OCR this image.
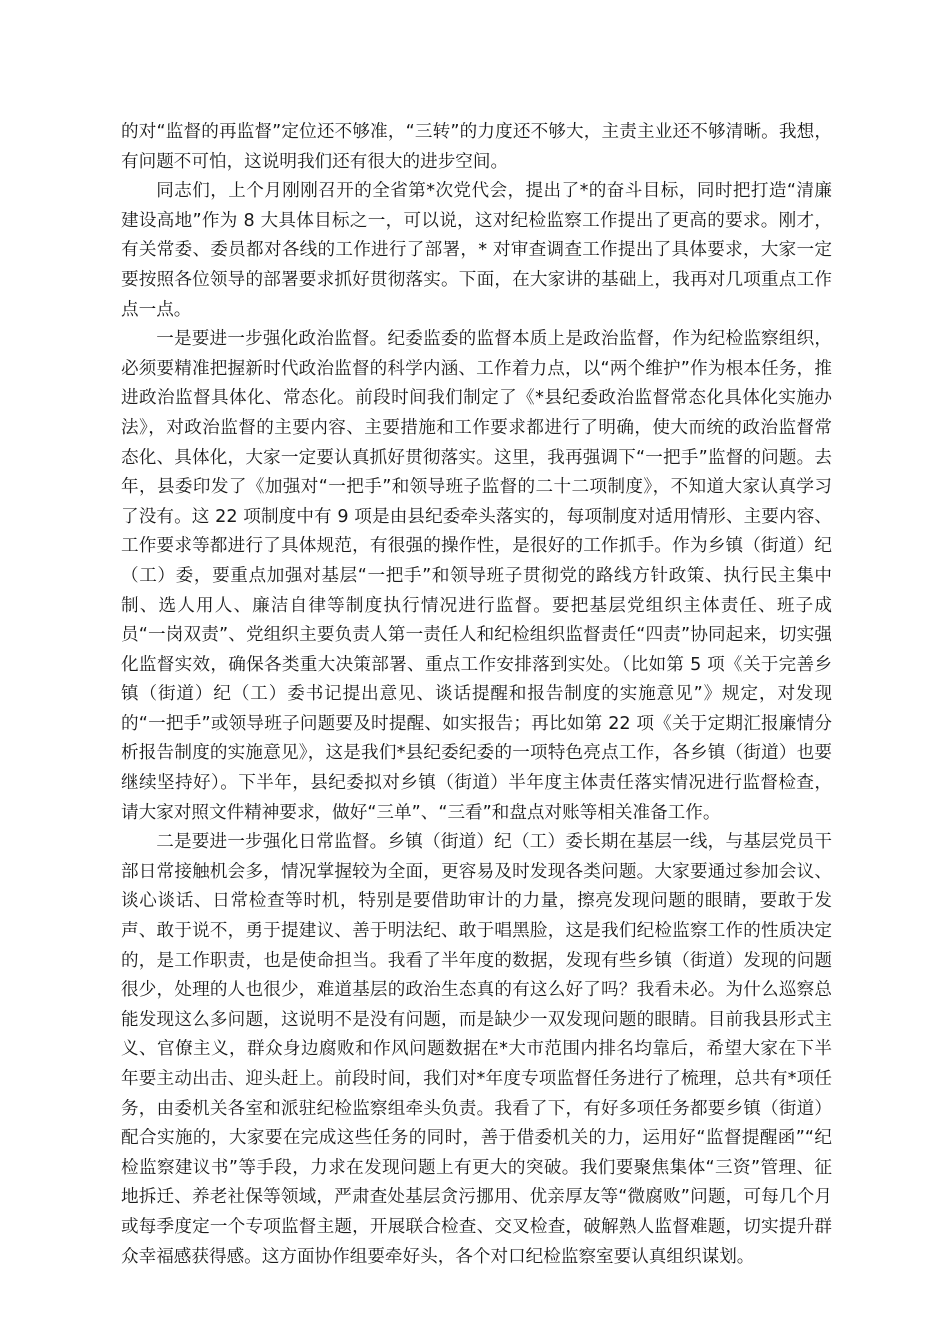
的对“监督的再监督”定位还不够准，“三转”的力度还不够大，主责主业还不够清晰。我想，有问题不可怕，这说明我们还有很大的进步空间。

同志们，上个月刚刚召开的全省第*次党代会，提出了*的奋斗目标，同时把打造“清廉建设高地”作为 8 大具体目标之一，可以说，这对纪检监察工作提出了更高的要求。刚才，有关常委、委员都对各线的工作进行了部署，* 对审查调查工作提出了具体要求，大家一定要按照各位领导的部署要求抓好贯彻落实。下面，在大家讲的基础上，我再对几项重点工作点一点。

一是要进一步强化政治监督。纪委监委的监督本质上是政治监督，作为纪检监察组织，必须要精准把握新时代政治监督的科学内涵、工作着力点，以“两个维护”作为根本任务，推进政治监督具体化、常态化。前段时间我们制定了《*县纪委政治监督常态化具体化实施办法》，对政治监督的主要内容、主要措施和工作要求都进行了明确，使大而统的政治监督常态化、具体化，大家一定要认真抓好贯彻落实。这里，我再强调下“一把手”监督的问题。去年，县委印发了《加强对“一把手”和领导班子监督的二十二项制度》，不知道大家认真学习了没有。这 22 项制度中有 9 项是由县纪委牵头落实的，每项制度对适用情形、主要内容、工作要求等都进行了具体规范，有很强的操作性，是很好的工作抓手。作为乡镇（街道）纪（工）委，要重点加强对基层“一把手”和领导班子贯彻党的路线方针政策、执行民主集中制、选人用人、廉洁自律等制度执行情况进行监督。要把基层党组织主体责任、班子成员“一岗双责”、党组织主要负责人第一责任人和纪检组织监督责任“四责”协同起来，切实强化监督实效，确保各类重大决策部署、重点工作安排落到实处。（比如第 5 项《关于完善乡镇（街道）纪（工）委书记提出意见、谈话提醒和报告制度的实施意见”》规定，对发现的“一把手”或领导班子问题要及时提醒、如实报告；再比如第 22 项《关于定期汇报廉情分析报告制度的实施意见》，这是我们*县纪委纪委的一项特色亮点工作，各乡镇（街道）也要继续坚持好）。下半年，县纪委拟对乡镇（街道）半年度主体责任落实情况进行监督检查，请大家对照文件精神要求，做好“三单”、“三看”和盘点对账等相关准备工作。

二是要进一步强化日常监督。乡镇（街道）纪（工）委长期在基层一线，与基层党员干部日常接触机会多，情况掌握较为全面，更容易及时发现各类问题。大家要通过参加会议、谈心谈话、日常检查等时机，特别是要借助审计的力量，擦亮发现问题的眼睛，要敢于发声、敢于说不，勇于提建议、善于明法纪、敢于唱黑脸，这是我们纪检监察工作的性质决定的，是工作职责，也是使命担当。我看了半年度的数据，发现有些乡镇（街道）发现的问题很少，处理的人也很少，难道基层的政治生态真的有这么好了吗？我看未必。为什么巡察总能发现这么多问题，这说明不是没有问题，而是缺少一双发现问题的眼睛。目前我县形式主义、官僚主义，群众身边腐败和作风问题数据在*大市范围内排名均靠后，希望大家在下半年要主动出击、迎头赶上。前段时间，我们对*年度专项监督任务进行了梳理，总共有*项任务，由委机关各室和派驻纪检监察组牵头负责。我看了下，有好多项任务都要乡镇（街道）配合实施的，大家要在完成这些任务的同时，善于借委机关的力，运用好“监督提醒函”“纪检监察建议书”等手段，力求在发现问题上有更大的突破。我们要聚焦集体“三资”管理、征地拆迁、养老社保等领域，严肃查处基层贪污挪用、优亲厚友等“微腐败”问题，可每几个月或每季度定一个专项监督主题，开展联合检查、交叉检查，破解熟人监督难题，切实提升群众幸福感获得感。这方面协作组要牵好头，各个对口纪检监察室要认真组织谋划。
